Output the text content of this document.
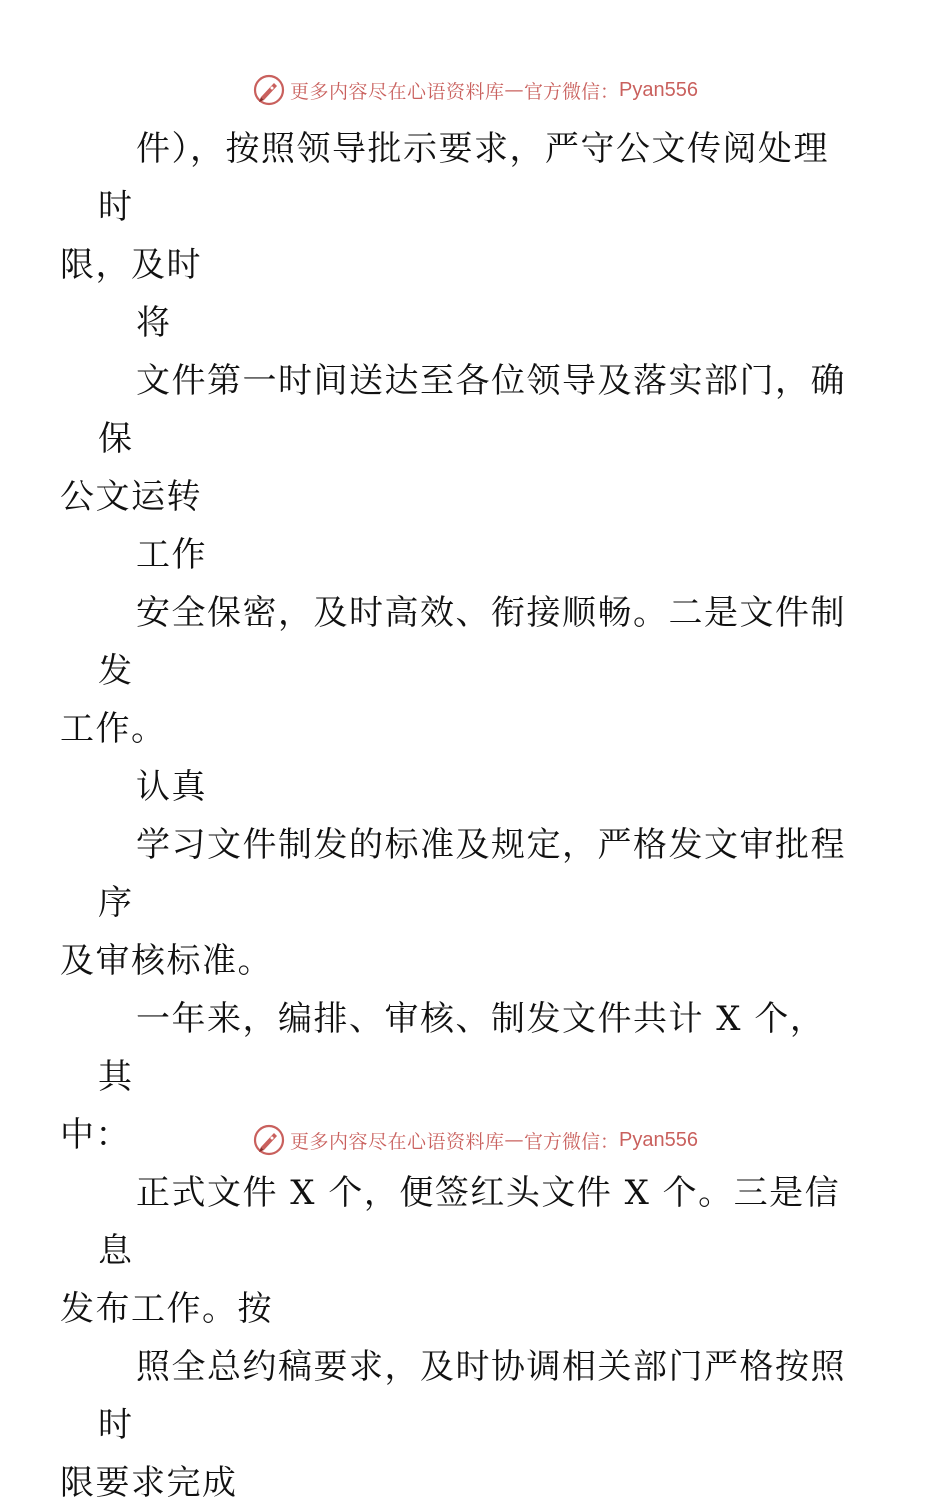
更多内容尽在心语资料库 — 官方微信： Pyan556

件），按照领导批示要求，严守公文传阅处理时
限，及时

将

文件第一时间送达至各位领导及落实部门，确保
公文运转

工作

安全保密，及时高效、衔接顺畅。二是文件制发
工作。

认真

学习文件制发的标准及规定，严格发文审批程序
及审核标准。

一年来，编排、审核、制发文件共计 X 个，其
中：

正式文件 X 个，便签红头文件 X 个。三是信息
发布工作。按

照全总约稿要求，及时协调相关部门严格按照时
限要求完成

更多内容尽在心语资料库 — 官方微信： Pyan556
